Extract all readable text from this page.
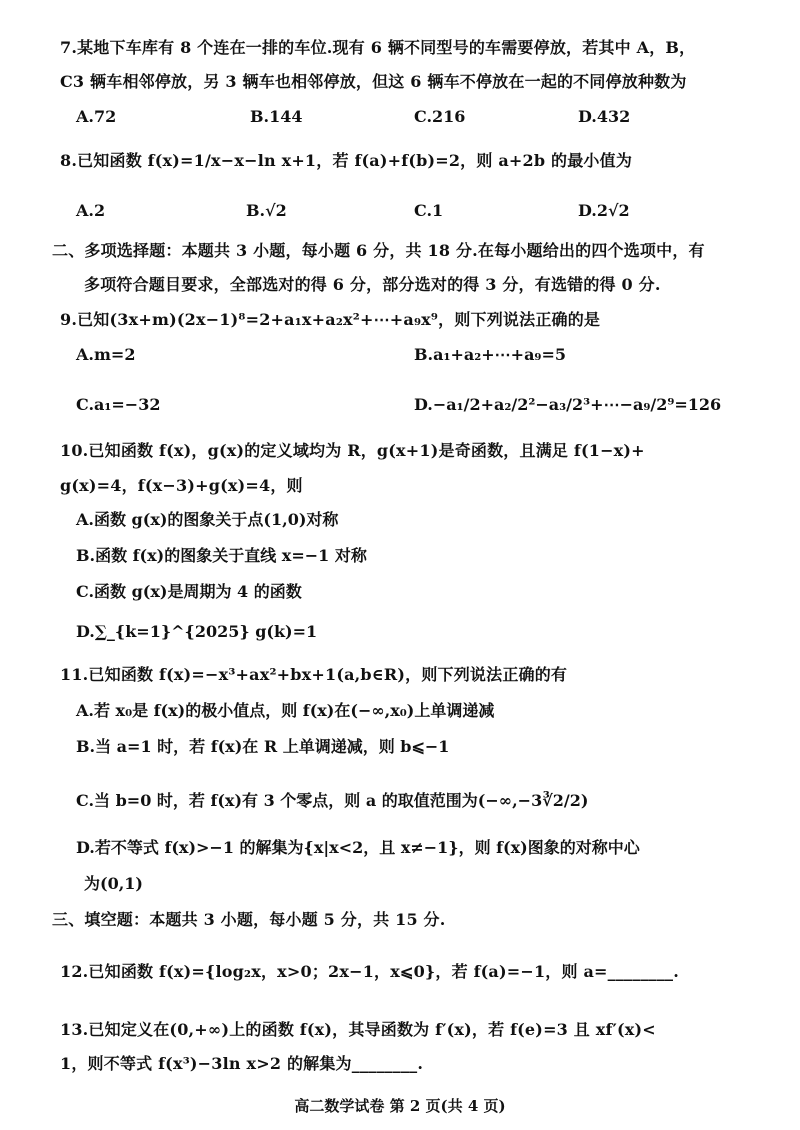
7.某地下车库有 8 个连在一排的车位.现有 6 辆不同型号的车需要停放，若其中 A，B，
C3 辆车相邻停放，另 3 辆车也相邻停放，但这 6 辆车不停放在一起的不同停放种数为
A.72	B.144	C.216	D.432
8.已知函数 f(x)=1/x−x−ln x+1，若 f(a)+f(b)=2，则 a+2b 的最小值为
A.2	B.√2	C.1	D.2√2
二、多项选择题：本题共 3 小题，每小题 6 分，共 18 分.在每小题给出的四个选项中，有
多项符合题目要求，全部选对的得 6 分，部分选对的得 3 分，有选错的得 0 分.
9.已知(3x+m)(2x−1)⁸=2+a₁x+a₂x²+⋯+a₉x⁹，则下列说法正确的是
A.m=2	B.a₁+a₂+⋯+a₉=5
C.a₁=−32	D.−a₁/2+a₂/2²−a₃/2³+⋯−a₉/2⁹=126
10.已知函数 f(x)，g(x)的定义域均为 R，g(x+1)是奇函数，且满足 f(1−x)+
g(x)=4，f(x−3)+g(x)=4，则
A.函数 g(x)的图象关于点(1,0)对称
B.函数 f(x)的图象关于直线 x=−1 对称
C.函数 g(x)是周期为 4 的函数
D.∑_{k=1}^{2025} g(k)=1
11.已知函数 f(x)=−x³+ax²+bx+1(a,b∈R)，则下列说法正确的有
A.若 x₀是 f(x)的极小值点，则 f(x)在(−∞,x₀)上单调递减
B.当 a=1 时，若 f(x)在 R 上单调递减，则 b⩽−1
C.当 b=0 时，若 f(x)有 3 个零点，则 a 的取值范围为(−∞,−3∛2/2)
D.若不等式 f(x)>−1 的解集为{x|x<2，且 x≠−1}，则 f(x)图象的对称中心
为(0,1)
三、填空题：本题共 3 小题，每小题 5 分，共 15 分.
12.已知函数 f(x)={log₂x，x>0；2x−1，x⩽0}，若 f(a)=−1，则 a=________.
13.已知定义在(0,+∞)上的函数 f(x)，其导函数为 f′(x)，若 f(e)=3 且 xf′(x)<
1，则不等式 f(x³)−3ln x>2 的解集为________.
高二数学试卷 第 2 页(共 4 页)
